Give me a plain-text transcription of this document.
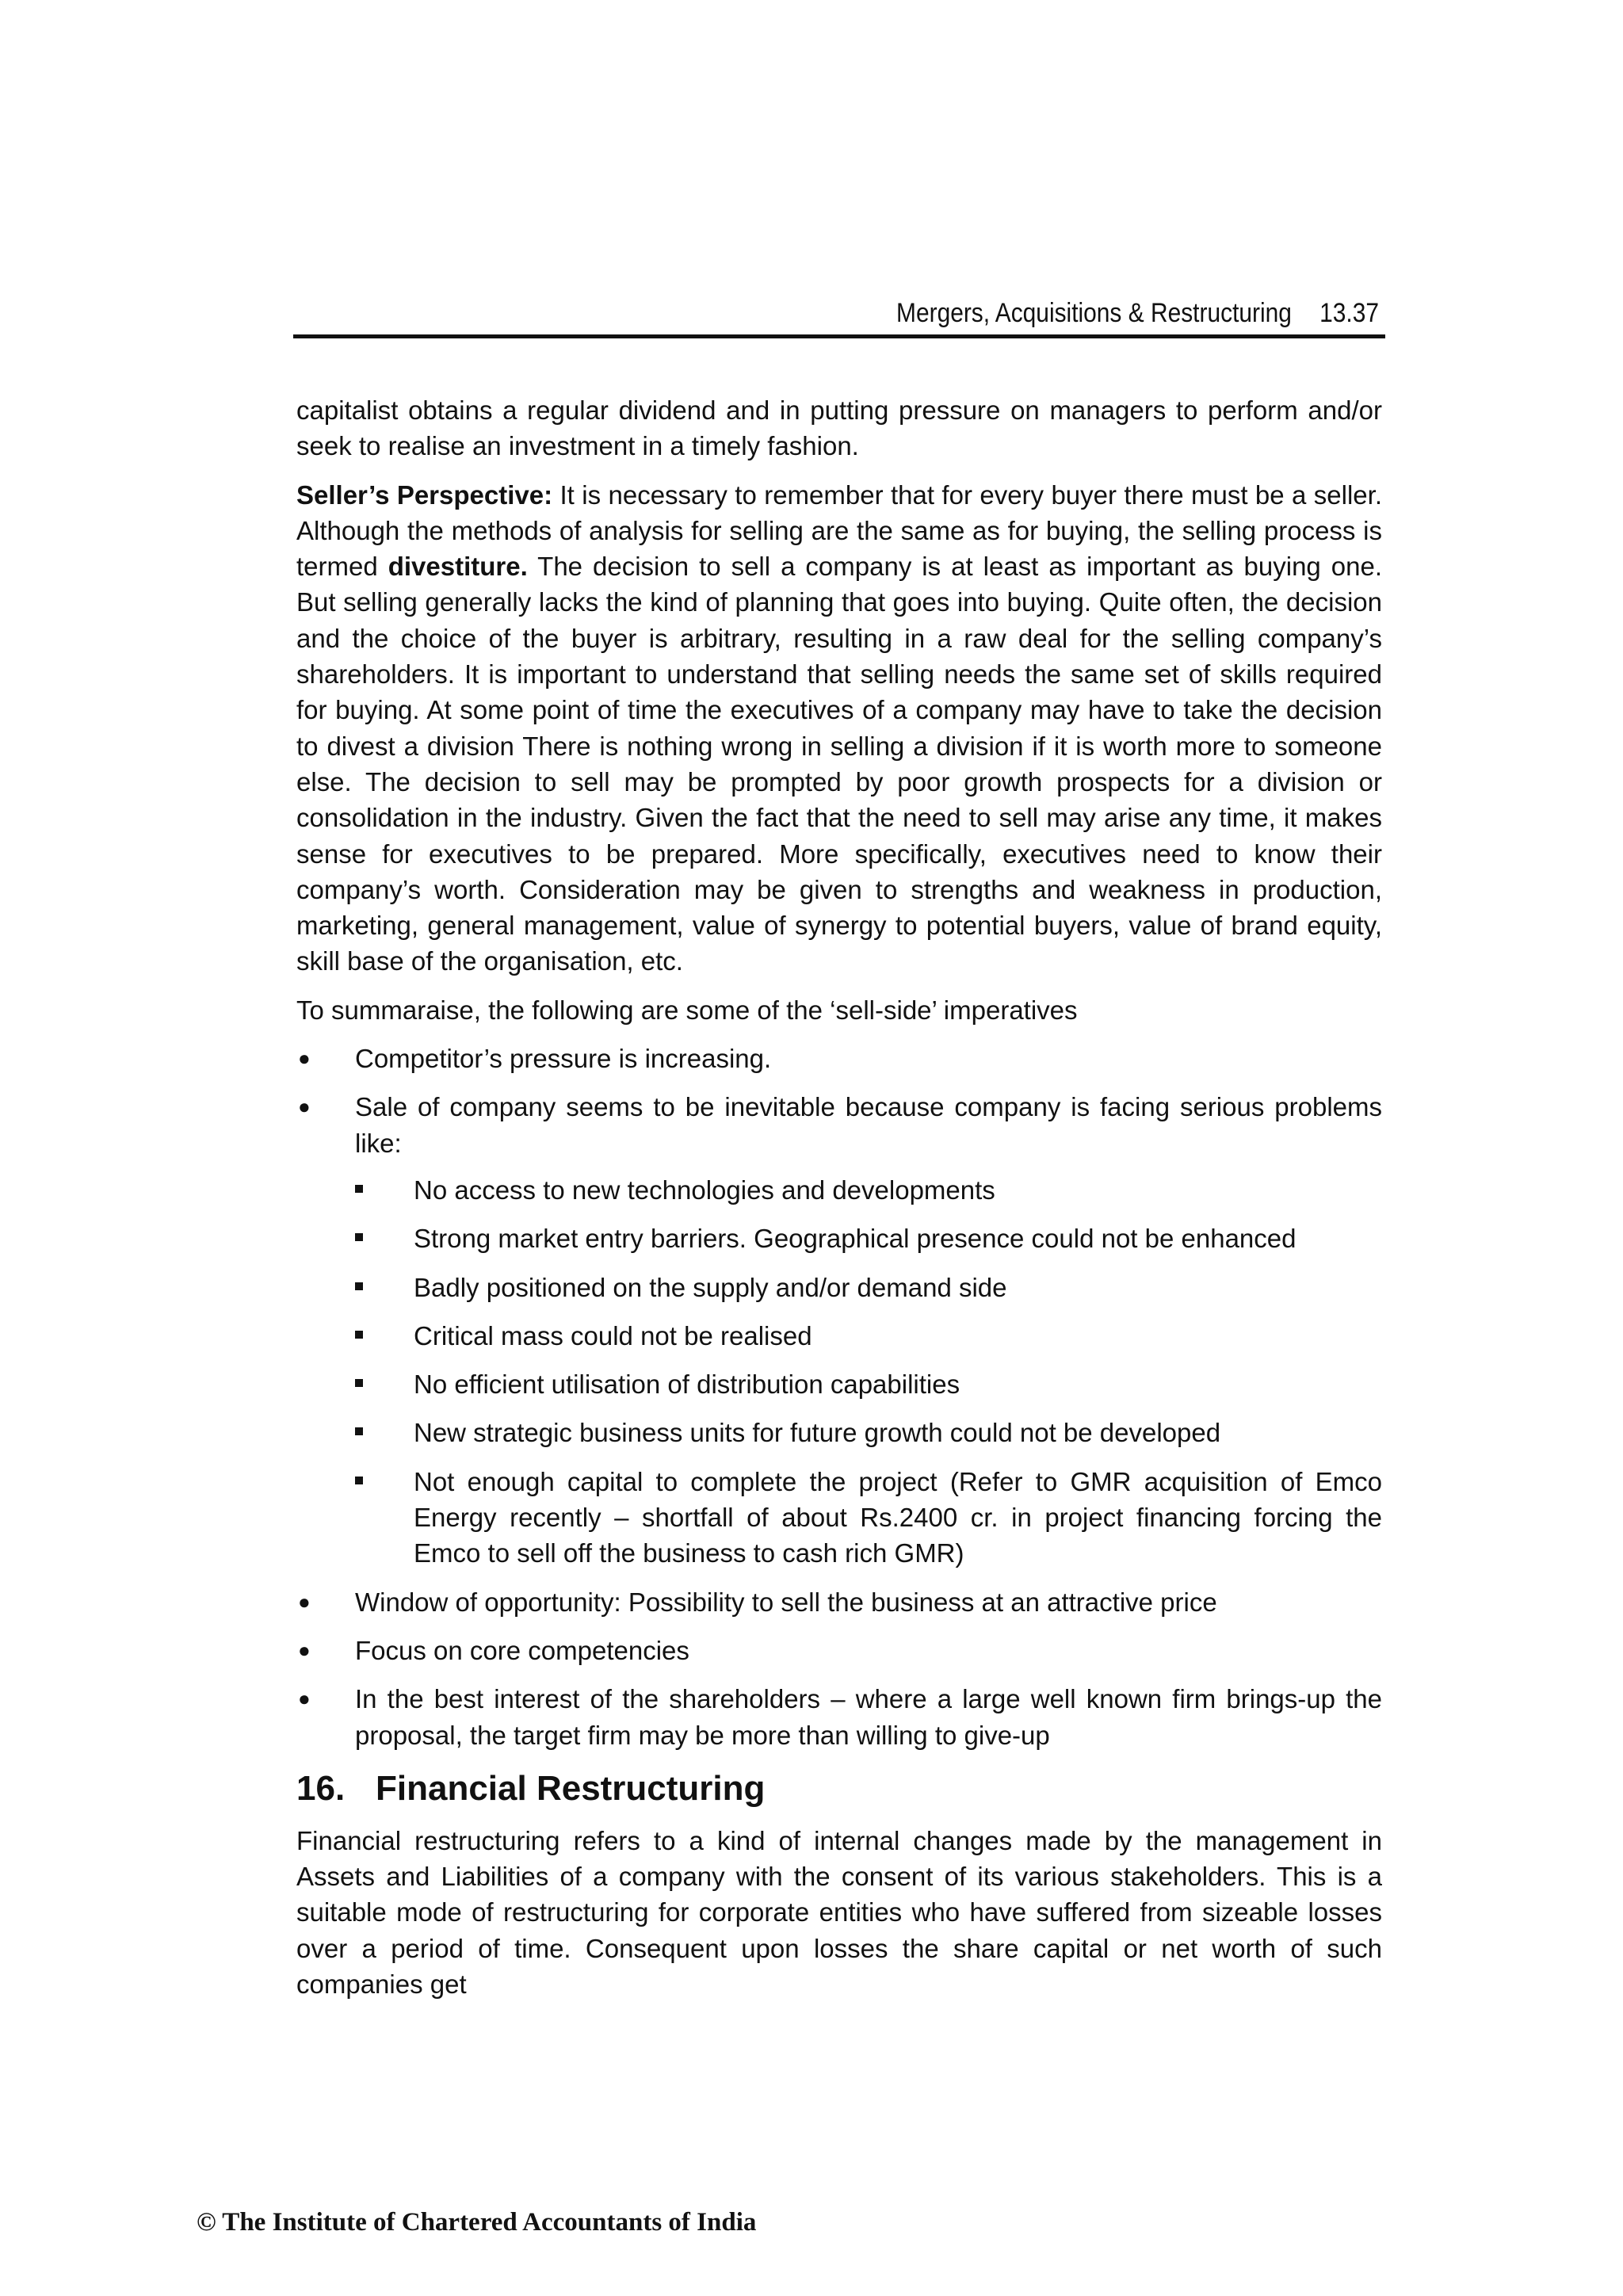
Mergers, Acquisitions & Restructuring 13.37

capitalist obtains a regular dividend and in putting pressure on managers to perform and/or seek to realise an investment in a timely fashion.

Seller’s Perspective: It is necessary to remember that for every buyer there must be a seller. Although the methods of analysis for selling are the same as for buying, the selling process is termed divestiture. The decision to sell a company is at least as important as buying one. But selling generally lacks the kind of planning that goes into buying. Quite often, the decision and the choice of the buyer is arbitrary, resulting in a raw deal for the selling company’s shareholders. It is important to understand that selling needs the same set of skills required for buying. At some point of time the executives of a company may have to take the decision to divest a division There is nothing wrong in selling a division if it is worth more to someone else. The decision to sell may be prompted by poor growth prospects for a division or consolidation in the industry. Given the fact that the need to sell may arise any time, it makes sense for executives to be prepared. More specifically, executives need to know their company’s worth. Consideration may be given to strengths and weakness in production, marketing, general management, value of synergy to potential buyers, value of brand equity, skill base of the organisation, etc.

To summaraise, the following are some of the ‘sell-side’ imperatives

● Competitor’s pressure is increasing.
● Sale of company seems to be inevitable because company is facing serious problems like:
No access to new technologies and developments
Strong market entry barriers. Geographical presence could not be enhanced
Badly positioned on the supply and/or demand side
Critical mass could not be realised
No efficient utilisation of distribution capabilities
New strategic business units for future growth could not be developed
Not enough capital to complete the project (Refer to GMR acquisition of Emco Energy recently – shortfall of about Rs.2400 cr. in project financing forcing the Emco to sell off the business to cash rich GMR)
● Window of opportunity: Possibility to sell the business at an attractive price
● Focus on core competencies
● In the best interest of the shareholders – where a large well known firm brings-up the proposal, the target firm may be more than willing to give-up
16. Financial Restructuring

Financial restructuring refers to a kind of internal changes made by the management in Assets and Liabilities of a company with the consent of its various stakeholders. This is a suitable mode of restructuring for corporate entities who have suffered from sizeable losses over a period of time. Consequent upon losses the share capital or net worth of such companies get

© The Institute of Chartered Accountants of India
